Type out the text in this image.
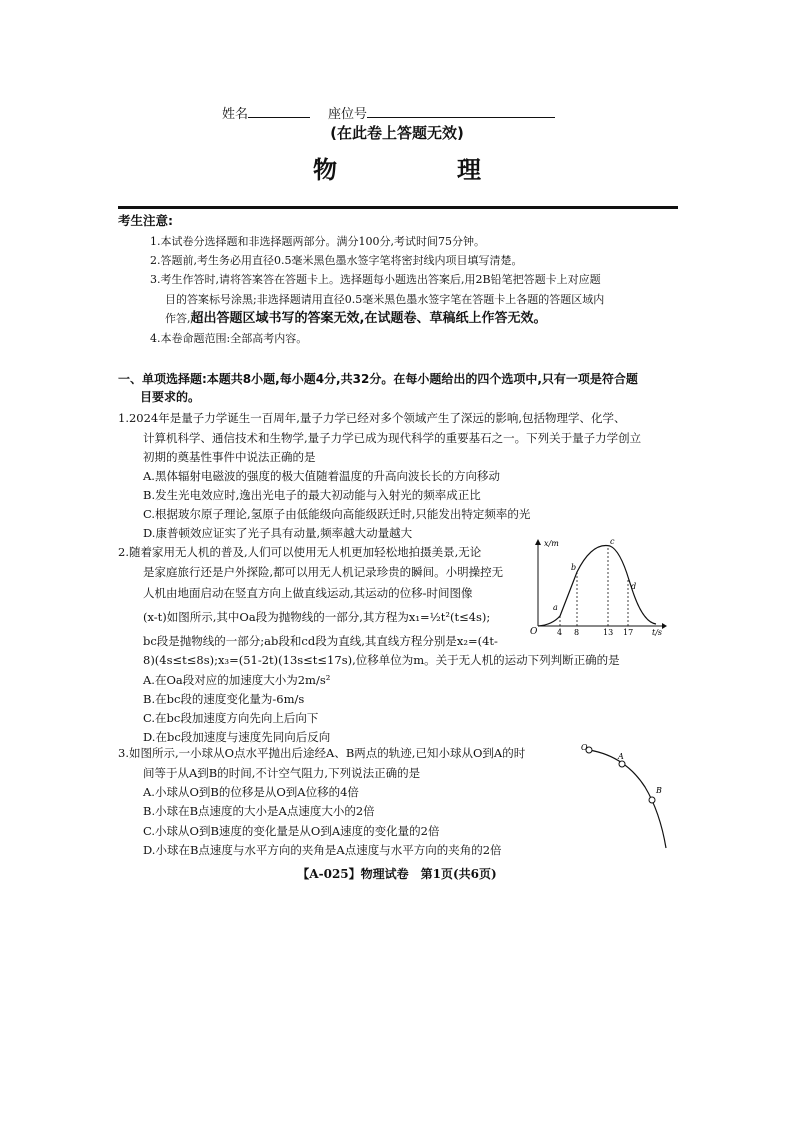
姓名	座位号
(在此卷上答题无效)
物　理
考生注意:
1.本试卷分选择题和非选择题两部分。满分100分,考试时间75分钟。
2.答题前,考生务必用直径0.5毫米黑色墨水签字笔将密封线内项目填写清楚。
3.考生作答时,请将答案答在答题卡上。选择题每小题选出答案后,用2B铅笔把答题卡上对应题
目的答案标号涂黑;非选择题请用直径0.5毫米黑色墨水签字笔在答题卡上各题的答题区域内
作答,超出答题区域书写的答案无效,在试题卷、草稿纸上作答无效。
4.本卷命题范围:全部高考内容。
一、单项选择题:本题共8小题,每小题4分,共32分。在每小题给出的四个选项中,只有一项是符合题
目要求的。
1.2024年是量子力学诞生一百周年,量子力学已经对多个领域产生了深远的影响,包括物理学、化学、
计算机科学、通信技术和生物学,量子力学已成为现代科学的重要基石之一。下列关于量子力学创立
初期的奠基性事件中说法正确的是
A.黑体辐射电磁波的强度的极大值随着温度的升高向波长长的方向移动
B.发生光电效应时,逸出光电子的最大初动能与入射光的频率成正比
C.根据玻尔原子理论,氢原子由低能级向高能级跃迁时,只能发出特定频率的光
D.康普顿效应证实了光子具有动量,频率越大动量越大
2.随着家用无人机的普及,人们可以使用无人机更加轻松地拍摄美景,无论
是家庭旅行还是户外探险,都可以用无人机记录珍贵的瞬间。小明操控无
人机由地面启动在竖直方向上做直线运动,其运动的位移-时间图像
(x-t)如图所示,其中Oa段为抛物线的一部分,其方程为x₁=½t²(t≤4s);
bc段是抛物线的一部分;ab段和cd段为直线,其直线方程分别是x₂=(4t-
8)(4s≤t≤8s);x₃=(51-2t)(13s≤t≤17s),位移单位为m。关于无人机的运动下列判断正确的是
A.在Oa段对应的加速度大小为2m/s²
B.在bc段的速度变化量为-6m/s
C.在bc段加速度方向先向上后向下
D.在bc段加速度与速度先同向后反向
x/m
t/s
O 4 8	13 17
a
b
c
d
3.如图所示,一小球从O点水平抛出后途经A、B两点的轨迹,已知小球从O到A的时
间等于从A到B的时间,不计空气阻力,下列说法正确的是
A.小球从O到B的位移是从O到A位移的4倍
B.小球在B点速度的大小是A点速度大小的2倍
C.小球从O到B速度的变化量是从O到A速度的变化量的2倍
D.小球在B点速度与水平方向的夹角是A点速度与水平方向的夹角的2倍
O
A
B
【A-025】物理试卷　第1页(共6页)
